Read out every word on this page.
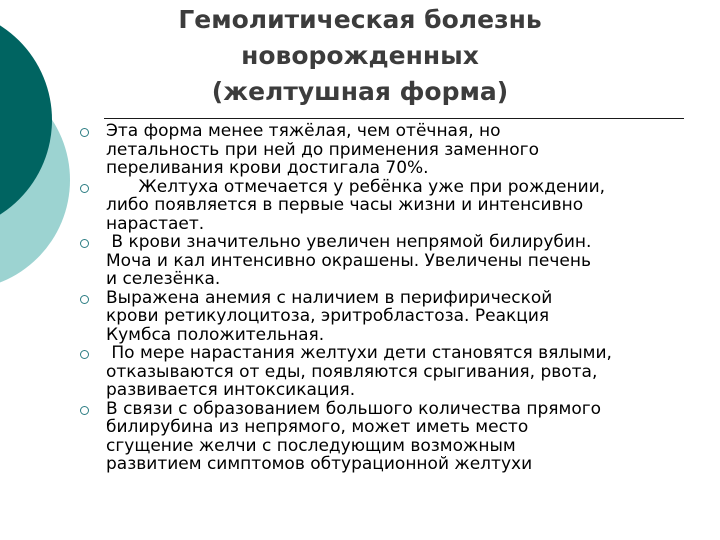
Гемолитическая болезнь
новорожденных
(желтушная форма)
Эта форма менее тяжёлая, чем отёчная, но
летальность при ней до применения заменного
переливания крови достигала 70%.
Желтуха отмечается у ребёнка уже при рождении,
либо появляется в первые часы жизни и интенсивно
нарастает.
В крови значительно увеличен непрямой билирубин.
Моча и кал интенсивно окрашены. Увеличены печень
и селезёнка.
Выражена анемия с наличием в перифирической
крови ретикулоцитоза, эритробластоза. Реакция
Кумбса положительная.
По мере нарастания желтухи дети становятся вялыми,
отказываются от еды, появляются срыгивания, рвота,
развивается интоксикация.
В связи с образованием большого количества прямого
билирубина из непрямого, может иметь место
сгущение желчи с последующим возможным
развитием симптомов обтурационной желтухи
